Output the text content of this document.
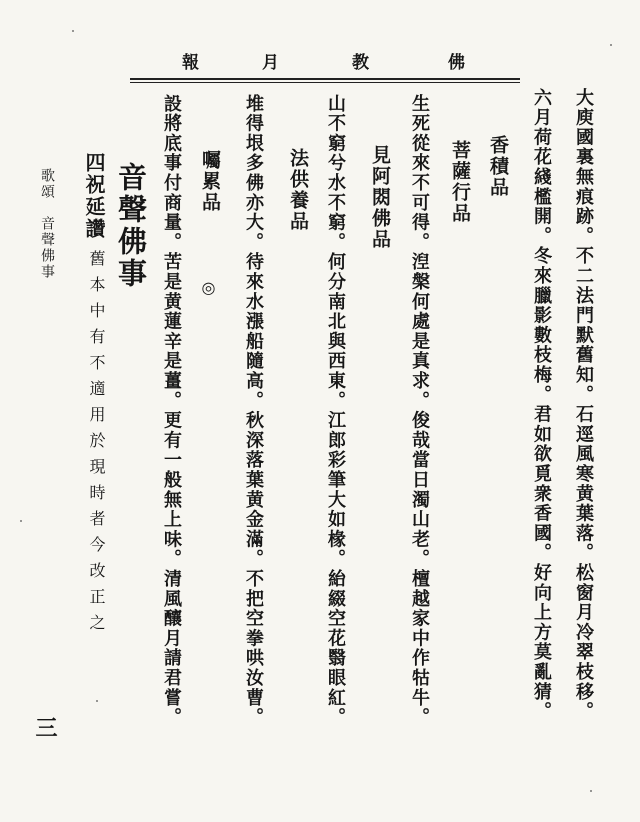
佛
教
月
報
大庾國裏無痕跡。不二法門默舊知。石逕風寒黄葉落。松窗月冷翠枝移。
六月荷花綫檻開。冬來臘影數枝梅。君如欲覓衆香國。好向上方莫亂猜。
香積品
菩薩行品
生死從來不可得。湼槃何處是真求。俊哉當日濁山老。檀越家中作牯牛。
見阿閦佛品
山不窮兮水不窮。何分南北與西東。江郎彩筆大如椽。紿綴空花翳眼紅。
法供養品
堆得垠多佛亦大。待來水漲船隨高。秋深落葉黄金滿。不把空拳哄汝曹。
囑累品
◎
設將底事付商量。苦是黄蓮辛是薑。更有一般無上味。清風釀月請君嘗。
音聲佛事
四祝延讚
舊本中有不適用於現時者今改正之
歌頌　音聲佛事
三
